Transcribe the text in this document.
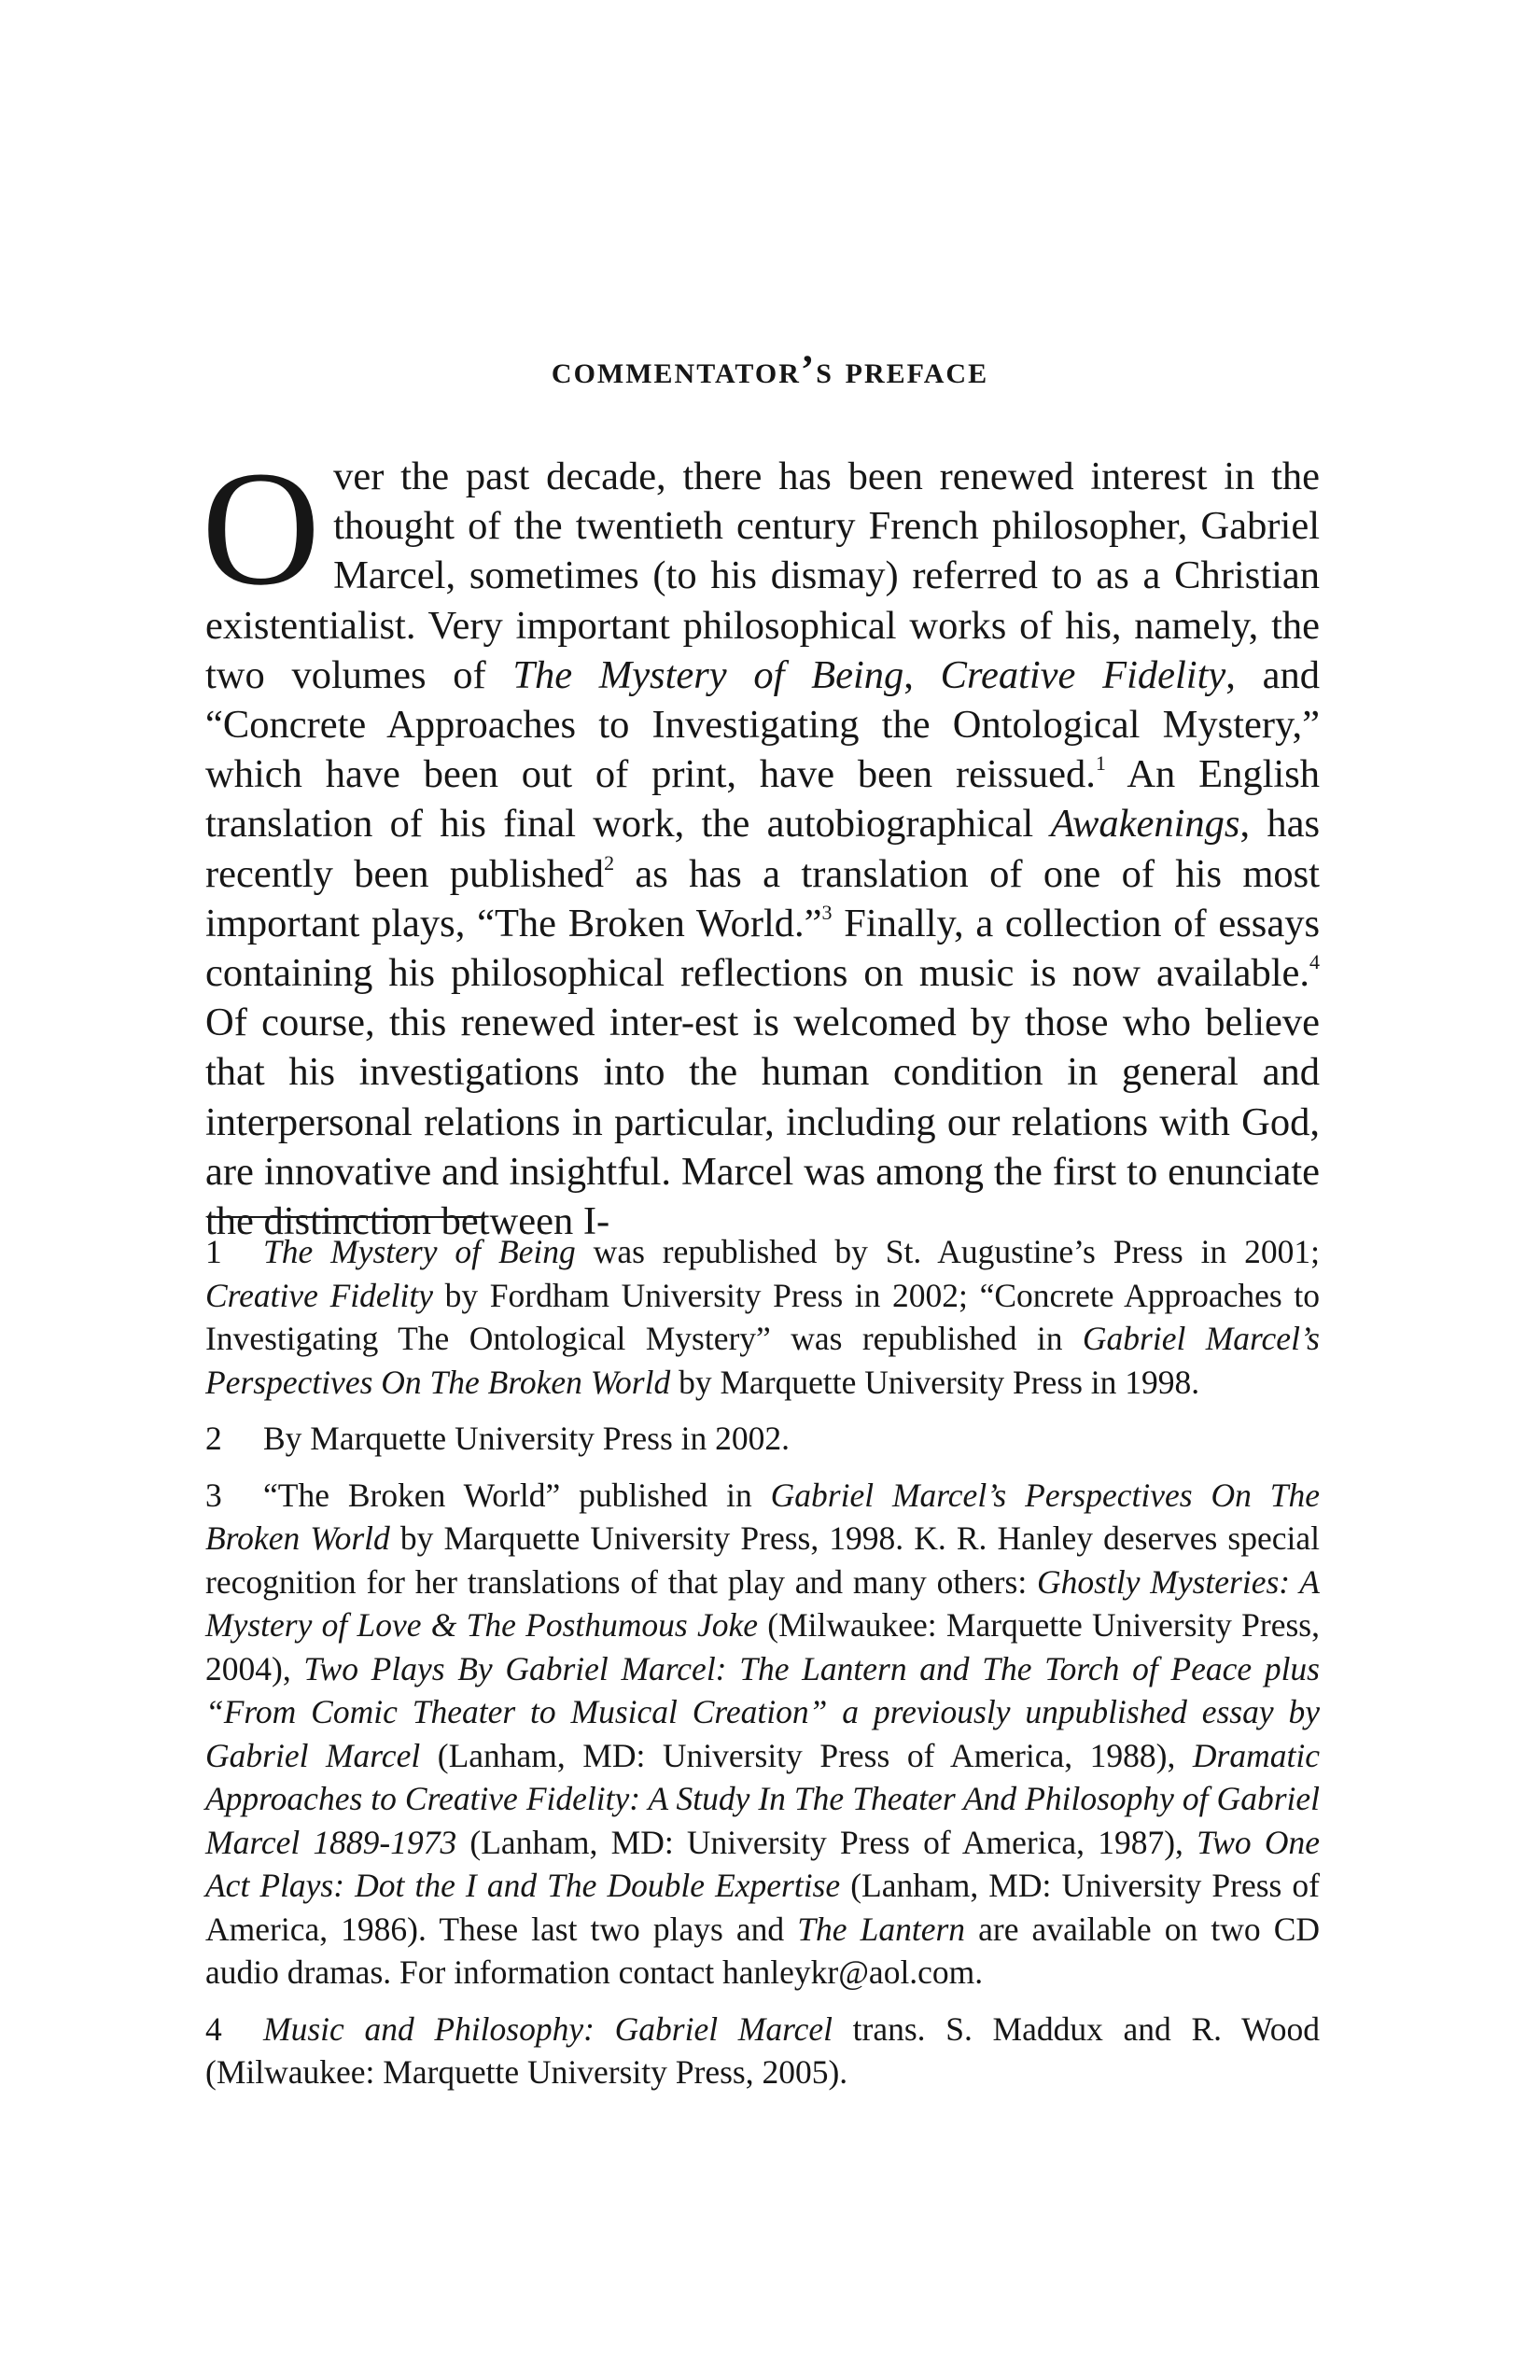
commentator’s preface

Over the past decade, there has been renewed interest in the thought of the twentieth century French philosopher, Gabriel Marcel, sometimes (to his dismay) referred to as a Christian existentialist. Very important philosophical works of his, namely, the two volumes of The Mystery of Being, Creative Fidelity, and “Concrete Approaches to Investigating the Ontological Mystery,” which have been out of print, have been reissued.$^1$ An English translation of his final work, the autobiographical Awakenings, has recently been published$^2$ as has a translation of one of his most important plays, “The Broken World.”$^3$ Finally, a collection of essays containing his philosophical reflections on music is now available.$^4$ Of course, this renewed inter-est is welcomed by those who believe that his investigations into the human condition in general and interpersonal relations in particular, including our relations with God, are innovative and insightful. Marcel was among the first to enunciate the distinction between I-

1 The Mystery of Being was republished by St. Augustine’s Press in 2001; Creative Fidelity by Fordham University Press in 2002; “Concrete Approaches to Investigating The Ontological Mystery” was republished in Gabriel Marcel’s Perspectives On The Broken World by Marquette University Press in 1998.

2 By Marquette University Press in 2002.

3 “The Broken World” published in Gabriel Marcel’s Perspectives On The Broken World by Marquette University Press, 1998. K. R. Hanley deserves special recognition for her translations of that play and many others: Ghostly Mysteries: A Mystery of Love & The Posthumous Joke (Milwaukee: Marquette University Press, 2004), Two Plays By Gabriel Marcel: The Lantern and The Torch of Peace plus “From Comic Theater to Musical Creation” a previously unpublished essay by Gabriel Marcel (Lanham, MD: University Press of America, 1988), Dramatic Approaches to Creative Fidelity: A Study In The Theater And Philosophy of Gabriel Marcel 1889-1973 (Lanham, MD: University Press of America, 1987), Two One Act Plays: Dot the I and The Double Expertise (Lanham, MD: University Press of America, 1986). These last two plays and The Lantern are available on two CD audio dramas. For information contact hanleykr@aol.com.

4 Music and Philosophy: Gabriel Marcel trans. S. Maddux and R. Wood (Milwaukee: Marquette University Press, 2005).
